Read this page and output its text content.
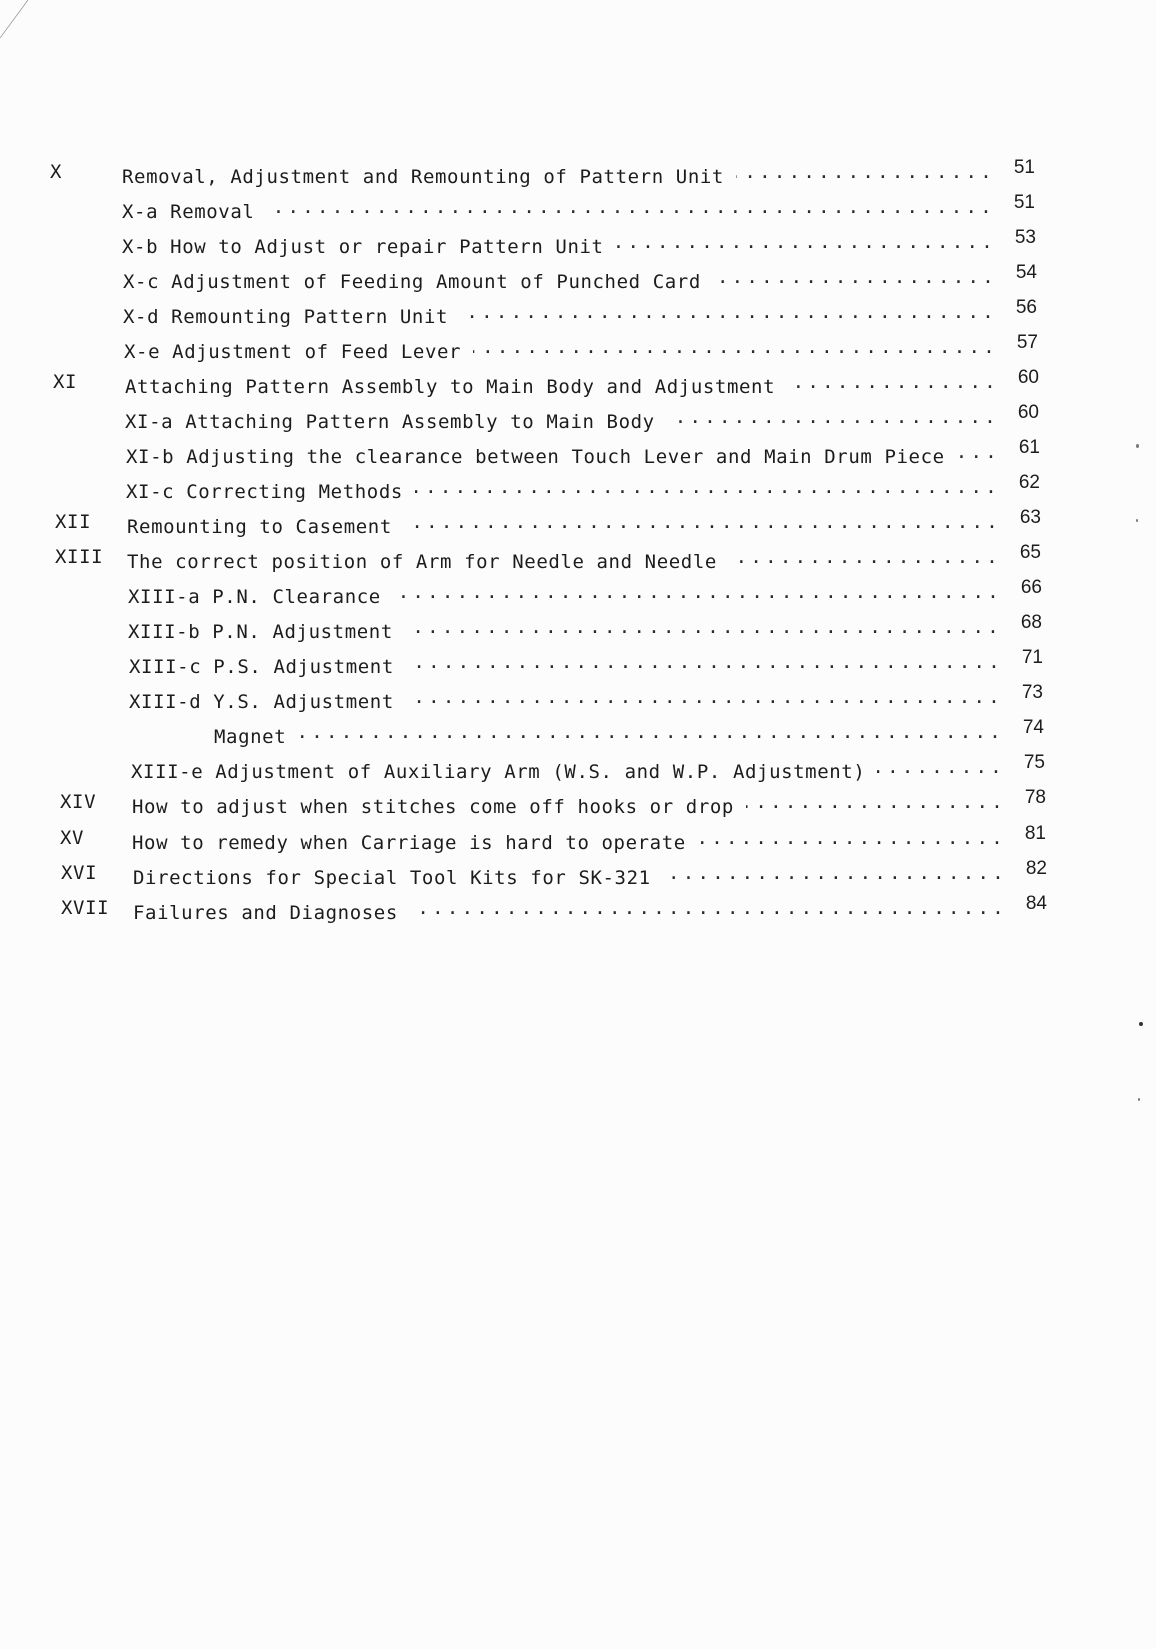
X	Removal, Adjustment and Remounting of Pattern Unit .....	51
X-a Removal .....	51
X-b How to Adjust or repair Pattern Unit .....	53
X-c Adjustment of Feeding Amount of Punched Card .....	54
X-d Remounting Pattern Unit .....	56
X-e Adjustment of Feed Lever .....	57
XI	Attaching Pattern Assembly to Main Body and Adjustment .....	60
XI-a Attaching Pattern Assembly to Main Body .....	60
XI-b Adjusting the clearance between Touch Lever and Main Drum Piece .....	61
XI-c Correcting Methods .....	62
XII	Remounting to Casement .....	63
XIII	The correct position of Arm for Needle and Needle .....	65
XIII-a P.N. Clearance .....	66
XIII-b P.N. Adjustment .....	68
XIII-c P.S. Adjustment .....	71
XIII-d Y.S. Adjustment .....	73
Magnet .....	74
XIII-e Adjustment of Auxiliary Arm (W.S. and W.P. Adjustment) .....	75
XIV	How to adjust when stitches come off hooks or drop .....	78
XV	How to remedy when Carriage is hard to operate .....	81
XVI	Directions for Special Tool Kits for SK-321 .....	82
XVII	Failures and Diagnoses .....	84
